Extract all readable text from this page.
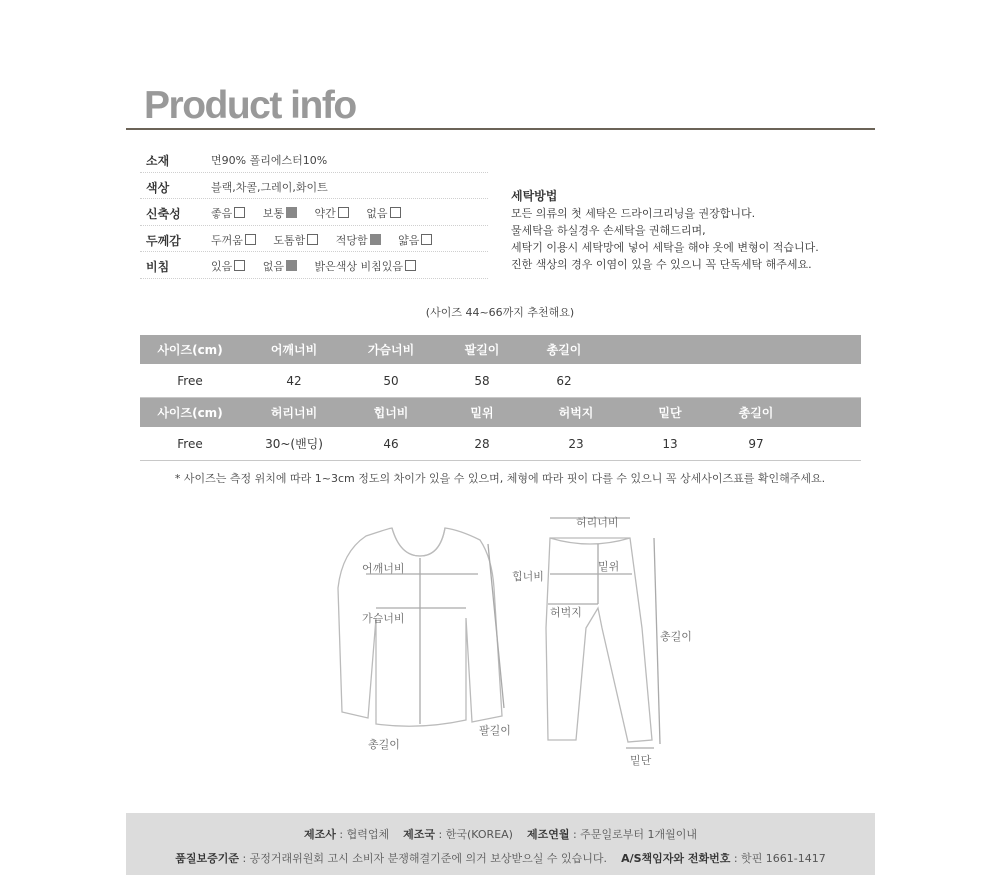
Product info
소재	면90% 폴리에스터10%
색상	블랙,차콜,그레이,화이트
신축성	좋음	보통	약간	없음
두께감	두꺼움	도톰함	적당함	얇음
비침	있음	없음	밝은색상 비침있음
세탁방법
모든 의류의 첫 세탁은 드라이크리닝을 권장합니다.
물세탁을 하실경우 손세탁을 권해드리며,
세탁기 이용시 세탁망에 넣어 세탁을 해야 옷에 변형이 적습니다.
진한 색상의 경우 이염이 있을 수 있으니 꼭 단독세탁 해주세요.
(사이즈 44~66까지 추천해요)
사이즈(cm)	어깨너비	가슴너비	팔길이	총길이
Free	42	50	58	62
사이즈(cm)	허리너비	힙너비	밑위	허벅지	밑단	총길이
Free	30~(밴딩)	46	28	23	13	97
* 사이즈는 측정 위치에 따라 1~3cm 정도의 차이가 있을 수 있으며, 체형에 따라 핏이 다를 수 있으니 꼭 상세사이즈표를 확인해주세요.
어깨너비
가슴너비
총길이
팔길이
허리너비
힙너비
밑위
허벅지
총길이
밑단
제조사 : 협력업체 제조국 : 한국(KOREA) 제조연월 : 주문일로부터 1개월이내
품질보증기준 : 공정거래위원회 고시 소비자 분쟁해결기준에 의거 보상받으실 수 있습니다. A/S책임자와 전화번호 : 핫핀 1661-1417
